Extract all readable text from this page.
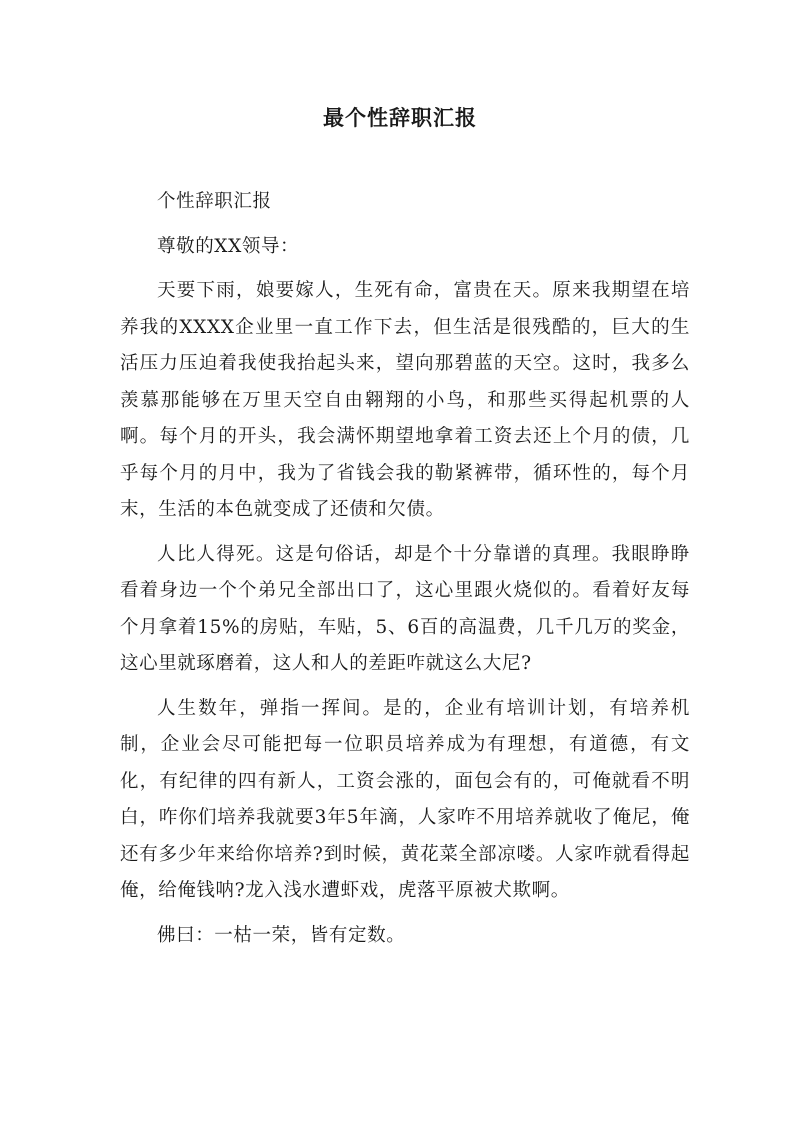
最个性辞职汇报

个性辞职汇报

尊敬的XX领导：

天要下雨，娘要嫁人，生死有命，富贵在天。原来我期望在培养我的XXXX企业里一直工作下去，但生活是很残酷的，巨大的生活压力压迫着我使我抬起头来，望向那碧蓝的天空。这时，我多么羡慕那能够在万里天空自由翱翔的小鸟，和那些买得起机票的人啊。每个月的开头，我会满怀期望地拿着工资去还上个月的债，几乎每个月的月中，我为了省钱会我的勒紧裤带，循环性的，每个月末，生活的本色就变成了还债和欠债。

人比人得死。这是句俗话，却是个十分靠谱的真理。我眼睁睁看着身边一个个弟兄全部出口了，这心里跟火烧似的。看着好友每个月拿着15%的房贴，车贴，5、6百的高温费，几千几万的奖金，这心里就琢磨着，这人和人的差距咋就这么大尼?

人生数年，弹指一挥间。是的，企业有培训计划，有培养机制，企业会尽可能把每一位职员培养成为有理想，有道德，有文化，有纪律的四有新人，工资会涨的，面包会有的，可俺就看不明白，咋你们培养我就要3年5年滴，人家咋不用培养就收了俺尼，俺还有多少年来给你培养?到时候，黄花菜全部凉喽。人家咋就看得起俺，给俺钱呐?龙入浅水遭虾戏，虎落平原被犬欺啊。

佛曰：一枯一荣，皆有定数。
